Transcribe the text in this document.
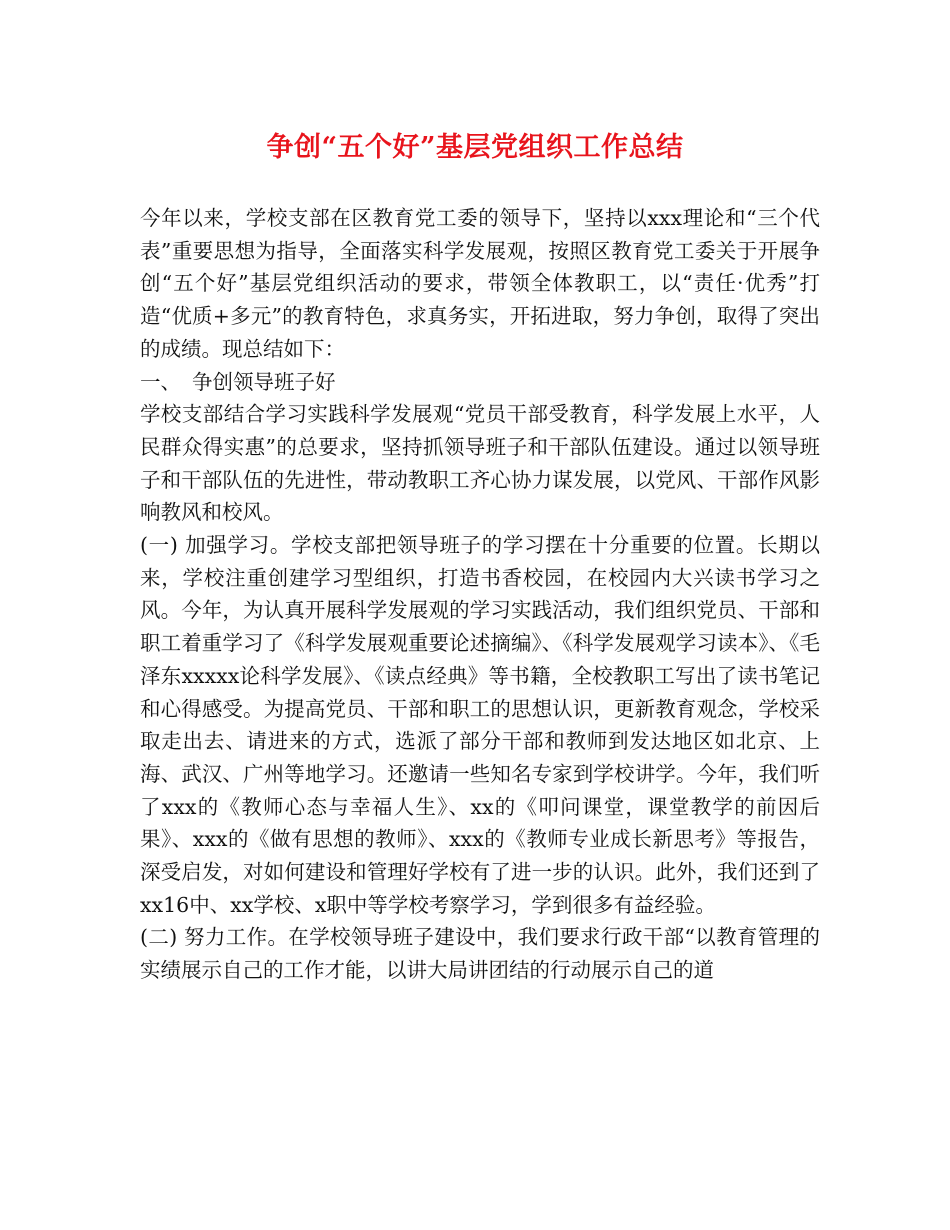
争创“五个好”基层党组织工作总结

今年以来，学校支部在区教育党工委的领导下，坚持以xxx理论和“三个代表”重要思想为指导，全面落实科学发展观，按照区教育党工委关于开展争创“五个好”基层党组织活动的要求，带领全体教职工，以“责任·优秀”打造“优质+多元”的教育特色，求真务实，开拓进取，努力争创，取得了突出的成绩。现总结如下：

一、 争创领导班子好

学校支部结合学习实践科学发展观“党员干部受教育，科学发展上水平，人民群众得实惠”的总要求，坚持抓领导班子和干部队伍建设。通过以领导班子和干部队伍的先进性，带动教职工齐心协力谋发展，以党风、干部作风影响教风和校风。

(一) 加强学习。学校支部把领导班子的学习摆在十分重要的位置。长期以来，学校注重创建学习型组织，打造书香校园，在校园内大兴读书学习之风。今年，为认真开展科学发展观的学习实践活动，我们组织党员、干部和职工着重学习了《科学发展观重要论述摘编》、《科学发展观学习读本》、《毛泽东xxxxx论科学发展》、《读点经典》等书籍，全校教职工写出了读书笔记和心得感受。为提高党员、干部和职工的思想认识，更新教育观念，学校采取走出去、请进来的方式，选派了部分干部和教师到发达地区如北京、上海、武汉、广州等地学习。还邀请一些知名专家到学校讲学。今年，我们听了xxx的《教师心态与幸福人生》、xx的《叩问课堂，课堂教学的前因后果》、xxx的《做有思想的教师》、xxx的《教师专业成长新思考》等报告，深受启发，对如何建设和管理好学校有了进一步的认识。此外，我们还到了xx16中、xx学校、x职中等学校考察学习，学到很多有益经验。

(二) 努力工作。在学校领导班子建设中，我们要求行政干部“以教育管理的实绩展示自己的工作才能，以讲大局讲团结的行动展示自己的道
